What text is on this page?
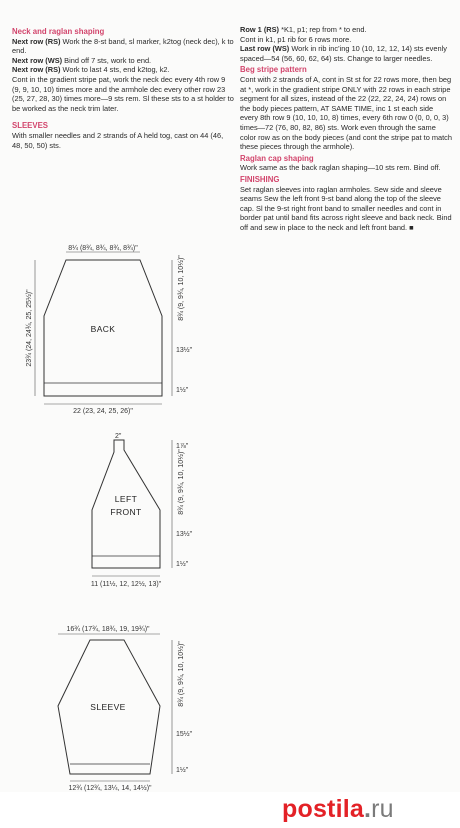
Neck and raglan shaping

Next row (RS) Work the 8-st band, sl marker, k2tog (neck dec), k to end.

Next row (WS) Bind off 7 sts, work to end.

Next row (RS) Work to last 4 sts, end k2tog, k2.

Cont in the gradient stripe pat, work the neck dec every 4th row 9 (9, 9, 10, 10) times more and the armhole dec every other row 23 (25, 27, 28, 30) times more—9 sts rem. Sl these sts to a st holder to be worked as the neck trim later.

SLEEVES

With smaller needles and 2 strands of A held tog, cast on 44 (46, 48, 50, 50) sts.

Row 1 (RS) *K1, p1; rep from * to end.

Cont in k1, p1 rib for 6 rows more.

Last row (WS) Work in rib inc’ing 10 (10, 12, 12, 14) sts evenly spaced—54 (56, 60, 62, 64) sts. Change to larger needles.

Beg stripe pattern

Cont with 2 strands of A, cont in St st for 22 rows more, then beg at *, work in the gradient stripe ONLY with 22 rows in each stripe segment for all sizes, instead of the 22 (22, 22, 24, 24) rows on the body pieces pattern, AT SAME TIME, inc 1 st each side every 8th row 9 (10, 10, 10, 8) times, every 6th row 0 (0, 0, 0, 3) times—72 (76, 80, 82, 86) sts. Work even through the same color row as on the body pieces (and cont the stripe pat to match these pieces through the armhole).

Raglan cap shaping

Work same as the back raglan shaping—10 sts rem. Bind off.

FINISHING

Set raglan sleeves into raglan armholes. Sew side and sleeve seams Sew the left front 9-st band along the top of the sleeve cap. Sl the 9-st right front band to smaller needles and cont in border pat until band fits across right sleeve and back neck. Bind off and sew in place to the neck and left front band. ■

BACK
8¼ (8¾, 8¾, 8¾, 8¾)"
8¾ (9, 9¾, 10, 10½)"
13½"
1½"
23¾ (24, 24¾, 25, 25½)"
22 (23, 24, 25, 26)"
LEFT
FRONT
2"
1⅞"
8¾ (9, 9¾, 10, 10½)"
13½"
1½"
11 (11½, 12, 12½, 13)"
SLEEVE
16¾ (17¾, 18¾, 19, 19¾)"
8¾ (9, 9¾, 10, 10½)"
15½"
1½"
12¾ (12¾, 13¼, 14, 14½)"
postila.ru
